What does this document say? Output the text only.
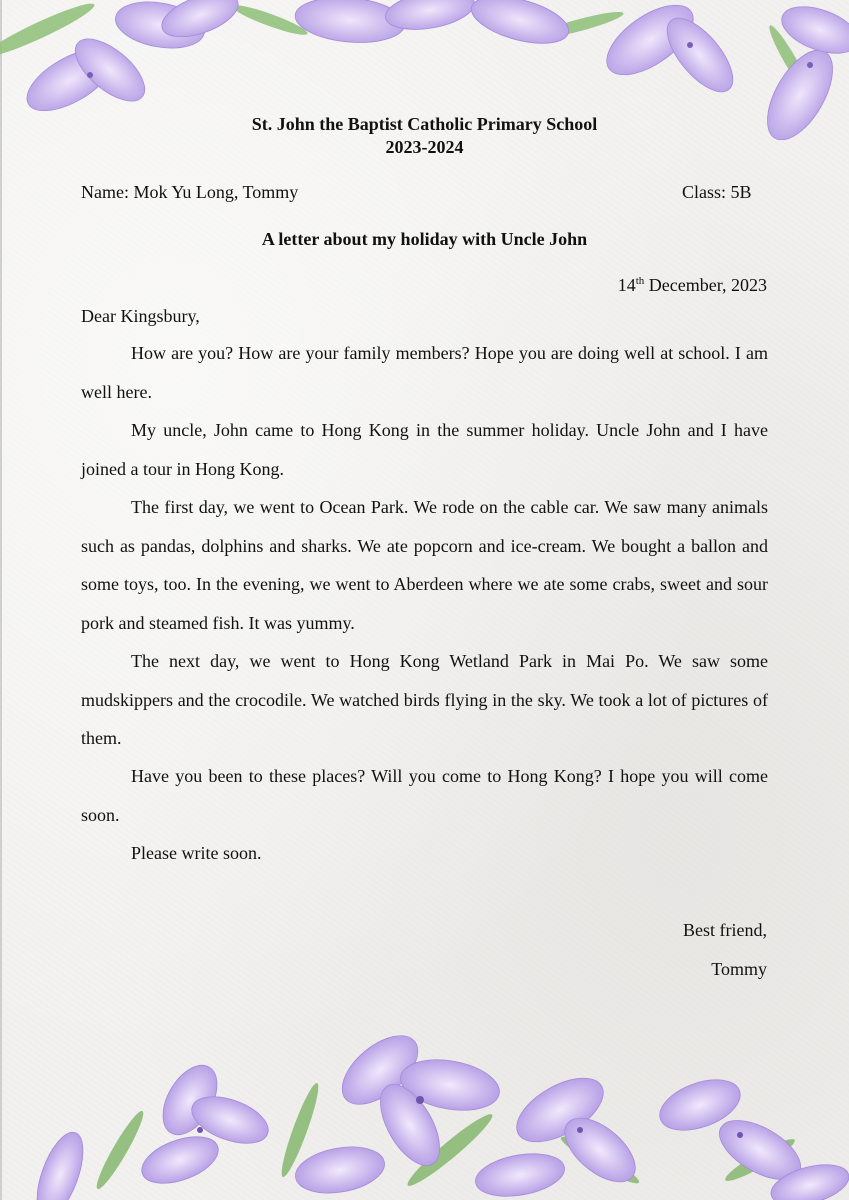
St. John the Baptist Catholic Primary School
2023-2024
Name: Mok Yu Long, Tommy	Class: 5B
A letter about my holiday with Uncle John
14th December, 2023
Dear Kingsbury,
How are you? How are your family members? Hope you are doing well at school. I am well here.
My uncle, John came to Hong Kong in the summer holiday. Uncle John and I have joined a tour in Hong Kong.
The first day, we went to Ocean Park. We rode on the cable car. We saw many animals such as pandas, dolphins and sharks. We ate popcorn and ice-cream. We bought a ballon and some toys, too. In the evening, we went to Aberdeen where we ate some crabs, sweet and sour pork and steamed fish. It was yummy.
The next day, we went to Hong Kong Wetland Park in Mai Po. We saw some mudskippers and the crocodile. We watched birds flying in the sky. We took a lot of pictures of them.
Have you been to these places? Will you come to Hong Kong? I hope you will come soon.
Please write soon.
Best friend,
Tommy
